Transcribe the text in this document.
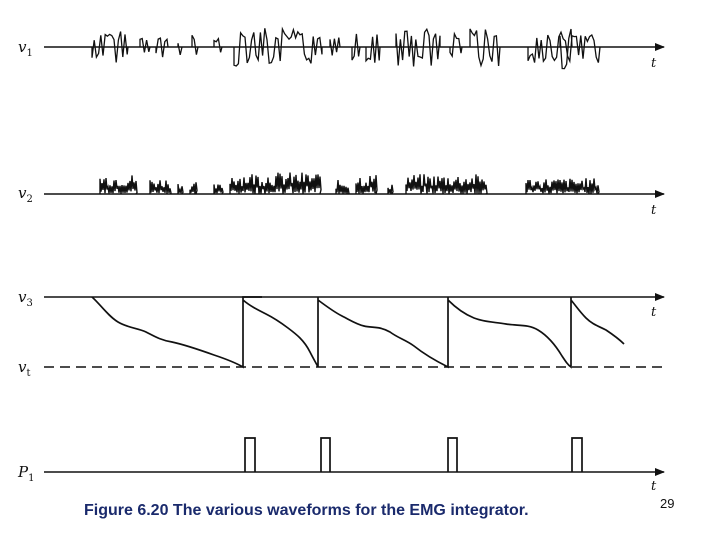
$v_1$
t
$v_2$
t
$v_3$
t
$v_t$
$P_1$
t
Figure 6.20 The various waveforms for the EMG integrator.	29
